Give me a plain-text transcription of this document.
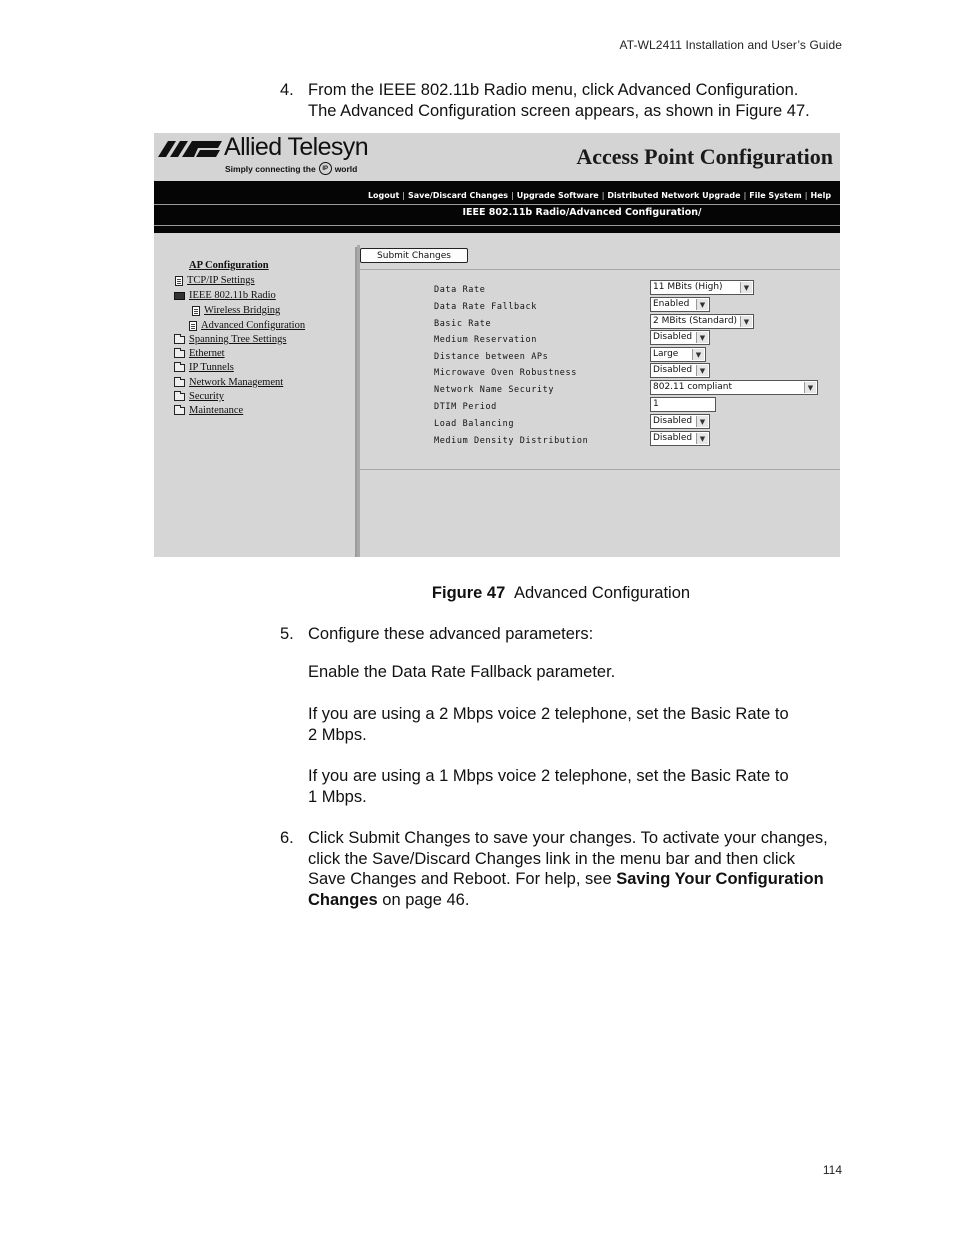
AT-WL2411 Installation and User’s Guide
4. From the IEEE 802.11b Radio menu, click Advanced Configuration.
The Advanced Configuration screen appears, as shown in Figure 47.
Allied Telesyn
Simply connecting the	IP world	Access Point Configuration
Logout | Save/Discard Changes | Upgrade Software | Distributed Network Upgrade | File System | Help
IEEE 802.11b Radio/Advanced Configuration/
AP Configuration
TCP/IP Settings
IEEE 802.11b Radio
Wireless Bridging
Advanced Configuration
Spanning Tree Settings
Ethernet
IP Tunnels
Network Management
Security
Maintenance
Submit Changes
Data Rate	11 MBits (High)	▼
Data Rate Fallback	Enabled	▼
Basic Rate	2 MBits (Standard) ▼
Medium Reservation	Disabled	▼
Distance between APs	Large	▼
Microwave Oven Robustness	Disabled	▼
Network Name Security	802.11 compliant	▼
DTIM Period	1
Load Balancing	Disabled	▼
Medium Density Distribution	Disabled	▼
Figure 47 Advanced Configuration
5. Configure these advanced parameters:
Enable the Data Rate Fallback parameter.
If you are using a 2 Mbps voice 2 telephone, set the Basic Rate to
2 Mbps.
If you are using a 1 Mbps voice 2 telephone, set the Basic Rate to
1 Mbps.
6. Click Submit Changes to save your changes. To activate your changes,
click the Save/Discard Changes link in the menu bar and then click
Save Changes and Reboot. For help, see Saving Your Configuration
Changes on page 46.
114
